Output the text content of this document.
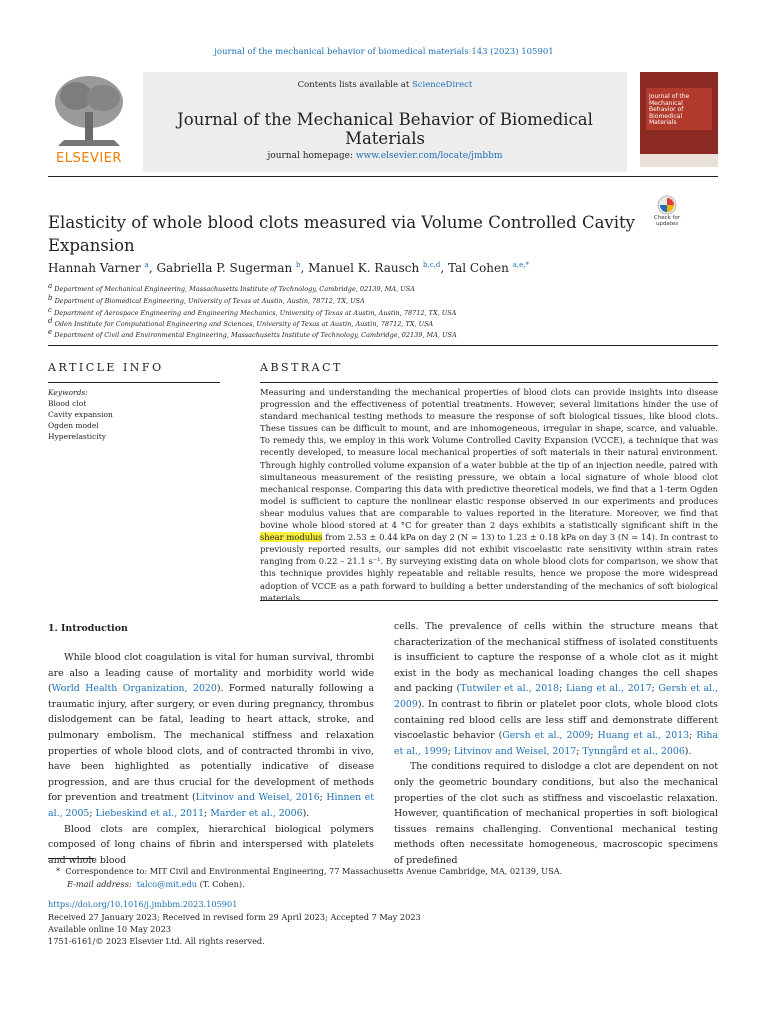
journal of the mechanical behavior of biomedical materials 143 (2023) 105901
ELSEVIER
Contents lists available at ScienceDirect
Journal of the Mechanical Behavior of Biomedical Materials
journal homepage: www.elsevier.com/locate/jmbbm
Journal of the Mechanical Behavior of Biomedical Materials
Check for
updates
Elasticity of whole blood clots measured via Volume Controlled Cavity Expansion
Hannah Varner $^a$, Gabriella P. Sugerman $^b$, Manuel K. Rausch $^{b,c,d}$, Tal Cohen $^{a,e,*}$
$^a$ Department of Mechanical Engineering, Massachusetts Institute of Technology, Cambridge, 02139, MA, USA
$^b$ Department of Biomedical Engineering, University of Texas at Austin, Austin, 78712, TX, USA
$^c$ Department of Aerospace Engineering and Engineering Mechanics, University of Texas at Austin, Austin, 78712, TX, USA
$^d$ Oden Institute for Computational Engineering and Sciences, University of Texas at Austin, Austin, 78712, TX, USA
$^e$ Department of Civil and Environmental Engineering, Massachusetts Institute of Technology, Cambridge, 02139, MA, USA
ARTICLE INFO
Keywords:
Blood clot
Cavity expansion
Ogden model
Hyperelasticity
ABSTRACT
Measuring and understanding the mechanical properties of blood clots can provide insights into disease progression and the effectiveness of potential treatments. However, several limitations hinder the use of standard mechanical testing methods to measure the response of soft biological tissues, like blood clots. These tissues can be difficult to mount, and are inhomogeneous, irregular in shape, scarce, and valuable. To remedy this, we employ in this work Volume Controlled Cavity Expansion (VCCE), a technique that was recently developed, to measure local mechanical properties of soft materials in their natural environment. Through highly controlled volume expansion of a water bubble at the tip of an injection needle, paired with simultaneous measurement of the resisting pressure, we obtain a local signature of whole blood clot mechanical response. Comparing this data with predictive theoretical models, we find that a 1-term Ogden model is sufficient to capture the nonlinear elastic response observed in our experiments and produces shear modulus values that are comparable to values reported in the literature. Moreover, we find that bovine whole blood stored at 4 °C for greater than 2 days exhibits a statistically significant shift in the shear modulus from 2.53 ± 0.44 kPa on day 2 (N = 13) to 1.23 ± 0.18 kPa on day 3 (N = 14). In contrast to previously reported results, our samples did not exhibit viscoelastic rate sensitivity within strain rates ranging from 0.22 – 21.1 s⁻¹. By surveying existing data on whole blood clots for comparison, we show that this technique provides highly repeatable and reliable results, hence we propose the more widespread adoption of VCCE as a path forward to building a better understanding of the mechanics of soft biological materials.
1. Introduction

While blood clot coagulation is vital for human survival, thrombi are also a leading cause of mortality and morbidity world wide (World Health Organization, 2020). Formed naturally following a traumatic injury, after surgery, or even during pregnancy, thrombus dislodgement can be fatal, leading to heart attack, stroke, and pulmonary embolism. The mechanical stiffness and relaxation properties of whole blood clots, and of contracted thrombi in vivo, have been highlighted as potentially indicative of disease progression, and are thus crucial for the development of methods for prevention and treatment (Litvinov and Weisel, 2016; Hinnen et al., 2005; Liebeskind et al., 2011; Marder et al., 2006).

Blood clots are complex, hierarchical biological polymers composed of long chains of fibrin and interspersed with platelets and whole blood

cells. The prevalence of cells within the structure means that characterization of the mechanical stiffness of isolated constituents is insufficient to capture the response of a whole clot as it might exist in the body as mechanical loading changes the cell shapes and packing (Tutwiler et al., 2018; Liang et al., 2017; Gersh et al., 2009). In contrast to fibrin or platelet poor clots, whole blood clots containing red blood cells are less stiff and demonstrate different viscoelastic behavior (Gersh et al., 2009; Huang et al., 2013; Riha et al., 1999; Litvinov and Weisel, 2017; Tynngård et al., 2006).

The conditions required to dislodge a clot are dependent on not only the geometric boundary conditions, but also the mechanical properties of the clot such as stiffness and viscoelastic relaxation. However, quantification of mechanical properties in soft biological tissues remains challenging. Conventional mechanical testing methods often necessitate homogeneous, macroscopic specimens of predefined

* Correspondence to: MIT Civil and Environmental Engineering, 77 Massachusetts Avenue Cambridge, MA, 02139, USA.
E-mail address: talco@mit.edu (T. Cohen).
https://doi.org/10.1016/j.jmbbm.2023.105901
Received 27 January 2023; Received in revised form 29 April 2023; Accepted 7 May 2023
Available online 10 May 2023
1751-6161/© 2023 Elsevier Ltd. All rights reserved.
